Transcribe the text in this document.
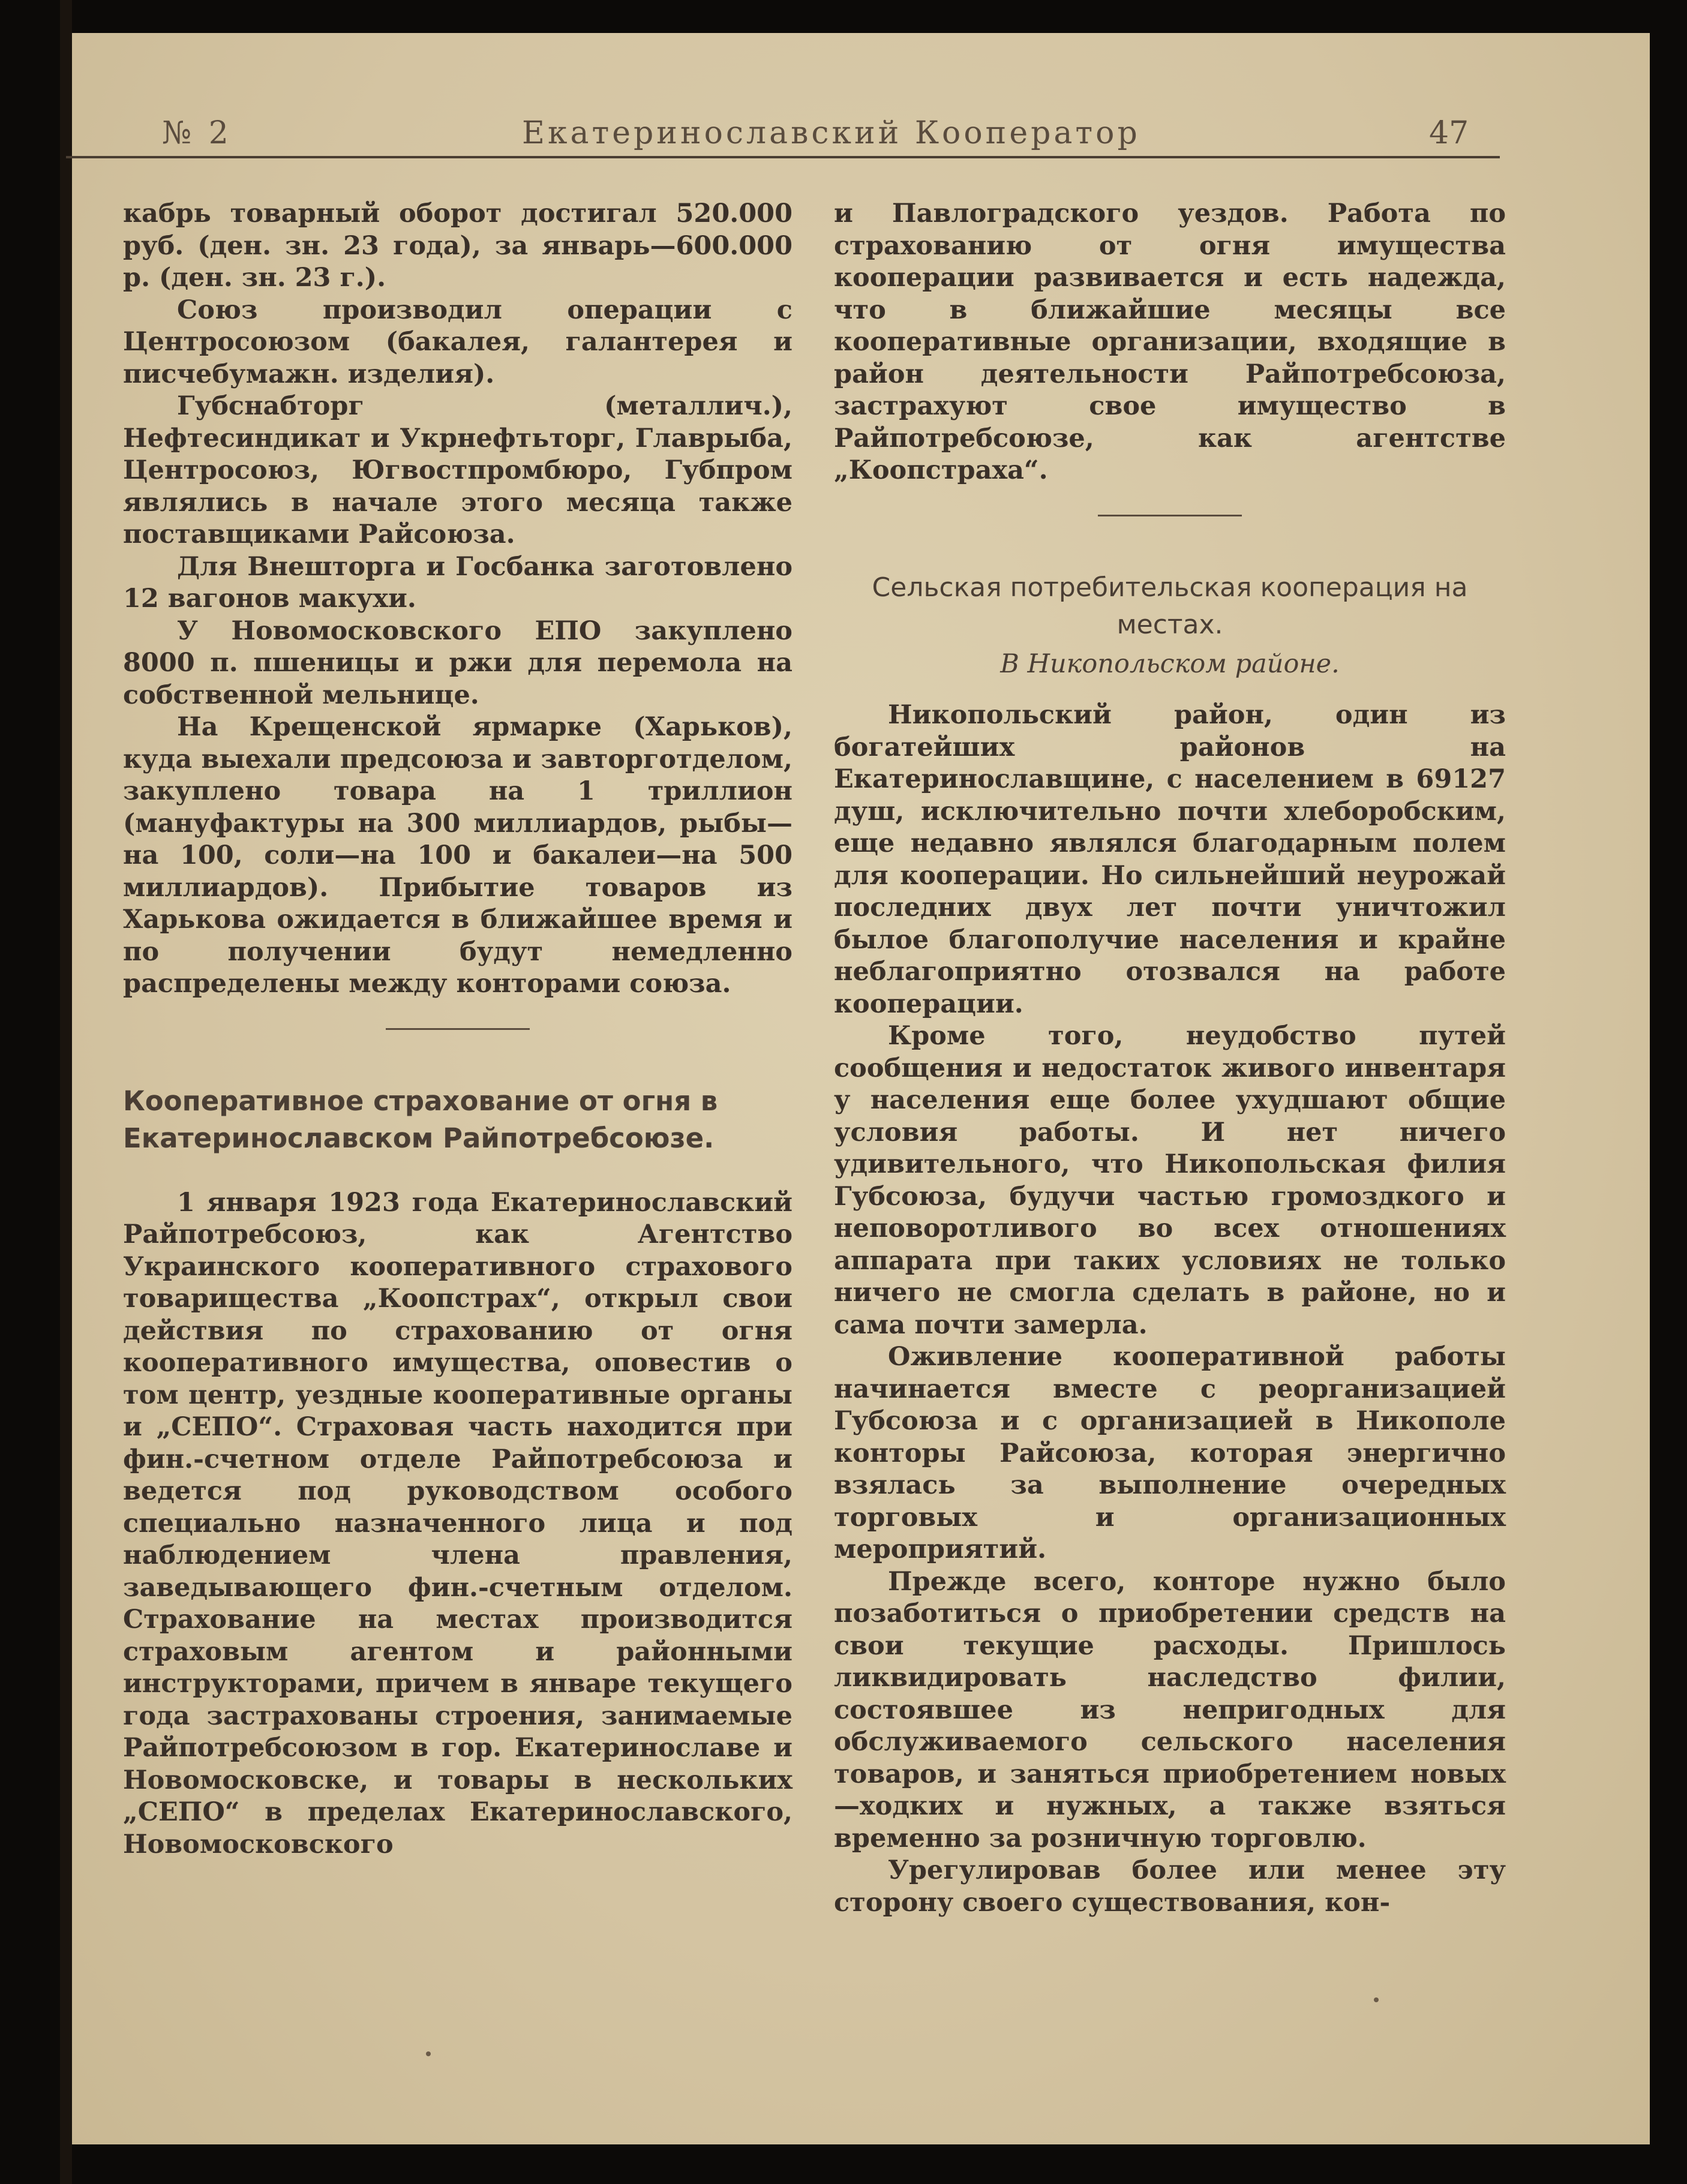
№ 2	Екатеринославский Кооператор	47

кабрь товарный оборот достигал 520.000 руб. (ден. зн. 23 года), за январь—600.000 р. (ден. зн. 23 г.).

Союз производил операции с Центросоюзом (бакалея, галантерея и писчебумажн. изделия).

Губснабторг (металлич.), Нефтесиндикат и Укрнефтьторг, Главрыба, Центросоюз, Югвостпромбюро, Губпром являлись в начале этого месяца также поставщиками Райсоюза.

Для Внешторга и Госбанка заготовлено 12 вагонов макухи.

У Новомосковского ЕПО закуплено 8000 п. пшеницы и ржи для перемола на собственной мельнице.

На Крещенской ярмарке (Харьков), куда выехали предсоюза и завторготделом, закуплено товара на 1 триллион (мануфактуры на 300 миллиардов, рыбы—на 100, соли—на 100 и бакалеи—на 500 миллиардов). Прибытие товаров из Харькова ожидается в ближайшее время и по получении будут немедленно распределены между конторами союза.

Кооперативное страхование от огня в Екатеринославском Райпотребсоюзе.

1 января 1923 года Екатеринославский Райпотребсоюз, как Агентство Украинского кооперативного страхового товарищества „Коопстрах“, открыл свои действия по страхованию от огня кооперативного имущества, оповестив о том центр, уездные кооперативные органы и „СЕПО“. Страховая часть находится при фин.-счетном отделе Райпотребсоюза и ведется под руководством особого специально назначенного лица и под наблюдением члена правления, заведывающего фин.-счетным отделом. Страхование на местах производится страховым агентом и районными инструкторами, причем в январе текущего года застрахованы строения, занимаемые Райпотребсоюзом в гор. Екатеринославе и Новомосковске, и товары в нескольких „СЕПО“ в пределах Екатеринославского, Новомосковского

и Павлоградского уездов. Работа по страхованию от огня имущества кооперации развивается и есть надежда, что в ближайшие месяцы все кооперативные организации, входящие в район деятельности Райпотребсоюза, застрахуют свое имущество в Райпотребсоюзе, как агентстве „Коопстраха“.

Сельская потребительская кооперация на местах.
В Никопольском районе.

Никопольский район, один из богатейших районов на Екатеринославщине, с населением в 69127 душ, исключительно почти хлеборобским, еще недавно являлся благодарным полем для кооперации. Но сильнейший неурожай последних двух лет почти уничтожил былое благополучие населения и крайне неблагоприятно отозвался на работе кооперации.

Кроме того, неудобство путей сообщения и недостаток живого инвентаря у населения еще более ухудшают общие условия работы. И нет ничего удивительного, что Никопольская филия Губсоюза, будучи частью громоздкого и неповоротливого во всех отношениях аппарата при таких условиях не только ничего не смогла сделать в районе, но и сама почти замерла.

Оживление кооперативной работы начинается вместе с реорганизацией Губсоюза и с организацией в Никополе конторы Райсоюза, которая энергично взялась за выполнение очередных торговых и организационных мероприятий.

Прежде всего, конторе нужно было позаботиться о приобретении средств на свои текущие расходы. Пришлось ликвидировать наследство филии, состоявшее из непригодных для обслуживаемого сельского населения товаров, и заняться приобретением новых—ходких и нужных, а также взяться временно за розничную торговлю.

Урегулировав более или менее эту сторону своего существования, кон-
